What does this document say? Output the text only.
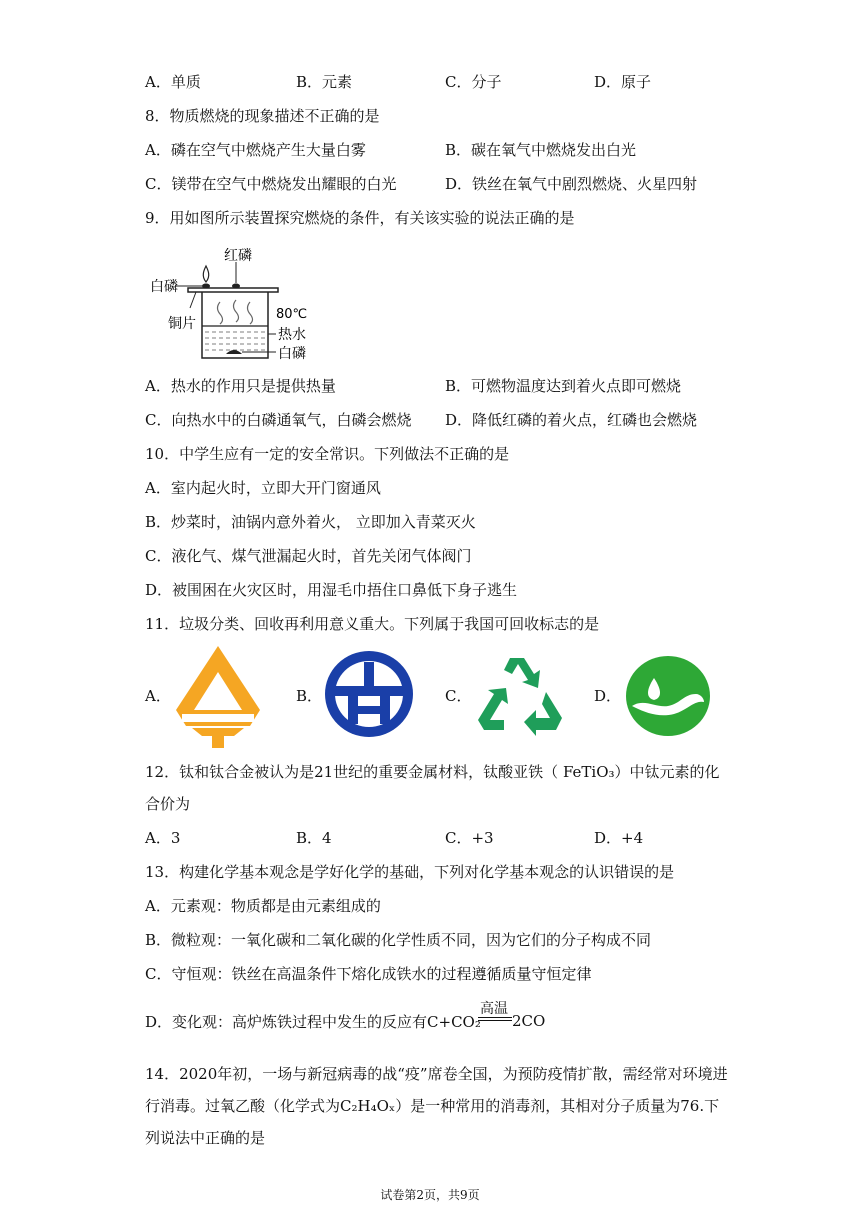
A．单质	B．元素	C．分子	D．原子
8．物质燃烧的现象描述不正确的是
A．磷在空气中燃烧产生大量白雾	B．碳在氧气中燃烧发出白光
C．镁带在空气中燃烧发出耀眼的白光	D．铁丝在氧气中剧烈燃烧、火星四射
9．用如图所示装置探究燃烧的条件，有关该实验的说法正确的是
红磷
白磷
铜片
80℃
热水
白磷
A．热水的作用只是提供热量	B．可燃物温度达到着火点即可燃烧
C．向热水中的白磷通氧气，白磷会燃烧 D．降低红磷的着火点，红磷也会燃烧
10．中学生应有一定的安全常识。下列做法不正确的是
A．室内起火时，立即大开门窗通风
B．炒菜时，油锅内意外着火， 立即加入青菜灭火
C．液化气、煤气泄漏起火时，首先关闭气体阀门
D．被围困在火灾区时，用湿毛巾捂住口鼻低下身子逃生
11．垃圾分类、回收再利用意义重大。下列属于我国可回收标志的是
A．	B．	C．	D．
12．钛和钛合金被认为是21世纪的重要金属材料，钛酸亚铁（ FeTiO₃）中钛元素的化
合价为
A．3	B．4	C．+3	D．+4
13．构建化学基本观念是学好化学的基础，下列对化学基本观念的认识错误的是
A．元素观：物质都是由元素组成的
B．微粒观：一氧化碳和二氧化碳的化学性质不同，因为它们的分子构成不同
C．守恒观：铁丝在高温条件下熔化成铁水的过程遵循质量守恒定律
D．变化观：高炉炼铁过程中发生的反应有C+CO₂
高温
2CO
14．2020年初，一场与新冠病毒的战“疫”席卷全国，为预防疫情扩散，需经常对环境进
行消毒。过氧乙酸（化学式为C₂H₄Oₓ）是一种常用的消毒剂，其相对分子质量为76.下
列说法中正确的是
试卷第2页，共9页
